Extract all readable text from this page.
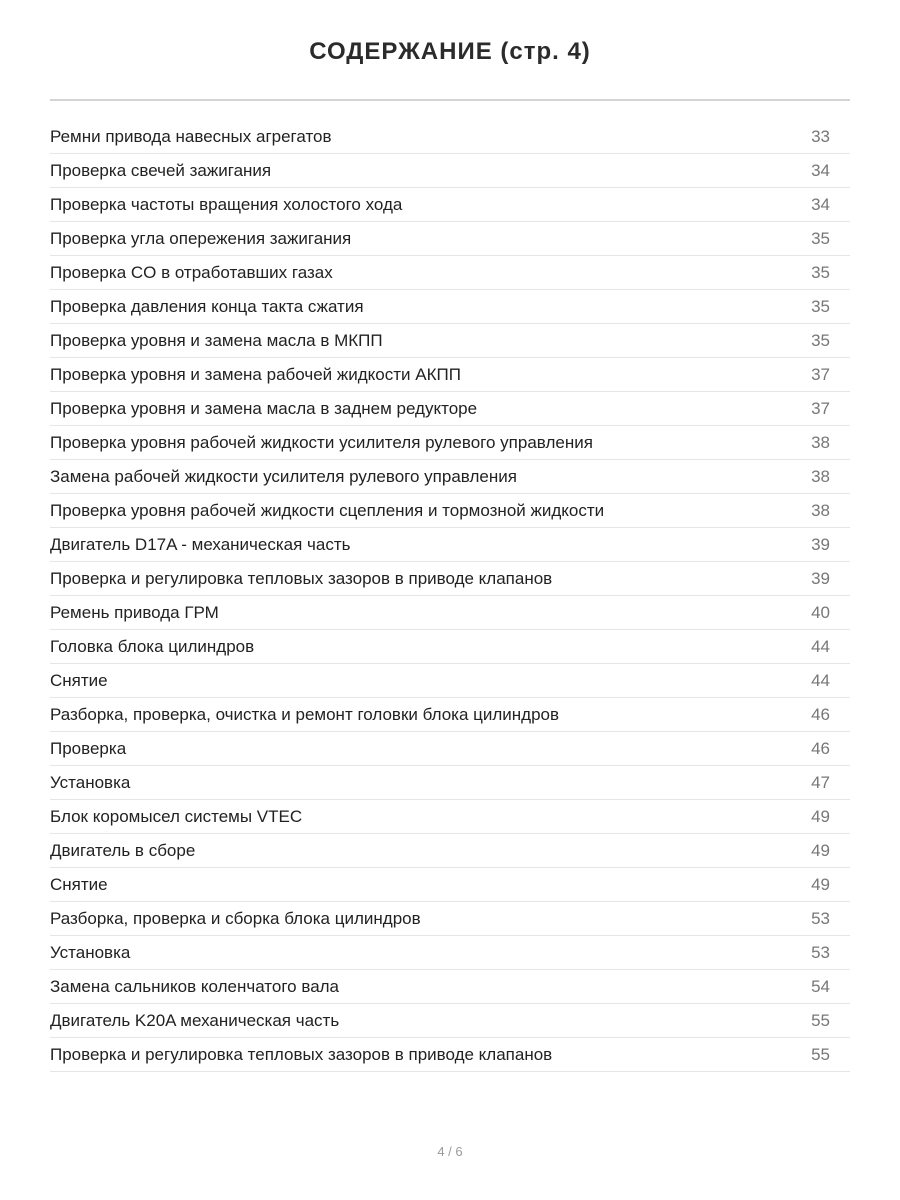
СОДЕРЖАНИЕ (стр. 4)
Ремни привода навесных агрегатов	33
Проверка свечей зажигания	34
Проверка частоты вращения холостого хода	34
Проверка угла опережения зажигания	35
Проверка CO в отработавших газах	35
Проверка давления конца такта сжатия	35
Проверка уровня и замена масла в МКПП	35
Проверка уровня и замена рабочей жидкости АКПП	37
Проверка уровня и замена масла в заднем редукторе	37
Проверка уровня рабочей жидкости усилителя рулевого управления	38
Замена рабочей жидкости усилителя рулевого управления	38
Проверка уровня рабочей жидкости сцепления и тормозной жидкости	38
Двигатель D17A - механическая часть	39
Проверка и регулировка тепловых зазоров в приводе клапанов	39
Ремень привода ГРМ	40
Головка блока цилиндров	44
Снятие	44
Разборка, проверка, очистка и ремонт головки блока цилиндров	46
Проверка	46
Установка	47
Блок коромысел системы VTEC	49
Двигатель в сборе	49
Снятие	49
Разборка, проверка и сборка блока цилиндров	53
Установка	53
Замена сальников коленчатого вала	54
Двигатель K20A механическая часть	55
Проверка и регулировка тепловых зазоров в приводе клапанов	55
4 / 6
